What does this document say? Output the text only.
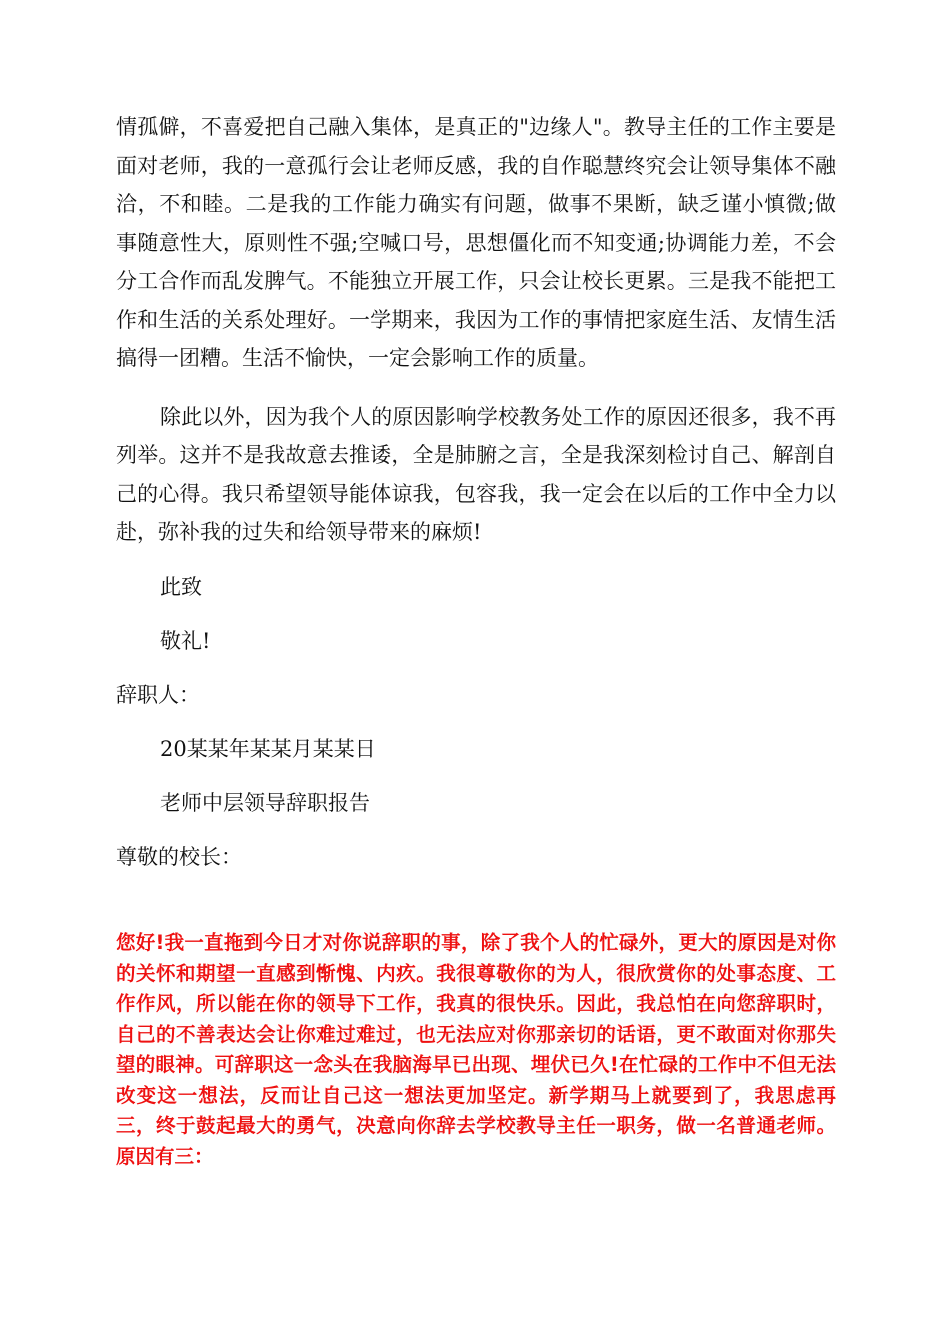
情孤僻，不喜爱把自己融入集体，是真正的"边缘人"。教导主任的工作主要是面对老师，我的一意孤行会让老师反感，我的自作聪慧终究会让领导集体不融洽，不和睦。二是我的工作能力确实有问题，做事不果断，缺乏谨小慎微;做事随意性大，原则性不强;空喊口号，思想僵化而不知变通;协调能力差，不会分工合作而乱发脾气。不能独立开展工作，只会让校长更累。三是我不能把工作和生活的关系处理好。一学期来，我因为工作的事情把家庭生活、友情生活搞得一团糟。生活不愉快，一定会影响工作的质量。

除此以外，因为我个人的原因影响学校教务处工作的原因还很多，我不再列举。这并不是我故意去推诿，全是肺腑之言，全是我深刻检讨自己、解剖自己的心得。我只希望领导能体谅我，包容我，我一定会在以后的工作中全力以赴，弥补我的过失和给领导带来的麻烦!

此致

敬礼!

辞职人：

20某某年某某月某某日

老师中层领导辞职报告

尊敬的校长：

您好!我一直拖到今日才对你说辞职的事，除了我个人的忙碌外，更大的原因是对你的关怀和期望一直感到惭愧、内疚。我很尊敬你的为人，很欣赏你的处事态度、工作作风，所以能在你的领导下工作，我真的很快乐。因此，我总怕在向您辞职时，自己的不善表达会让你难过难过，也无法应对你那亲切的话语，更不敢面对你那失望的眼神。可辞职这一念头在我脑海早已出现、埋伏已久!在忙碌的工作中不但无法改变这一想法，反而让自己这一想法更加坚定。新学期马上就要到了，我思虑再三，终于鼓起最大的勇气，决意向你辞去学校教导主任一职务，做一名普通老师。原因有三：
